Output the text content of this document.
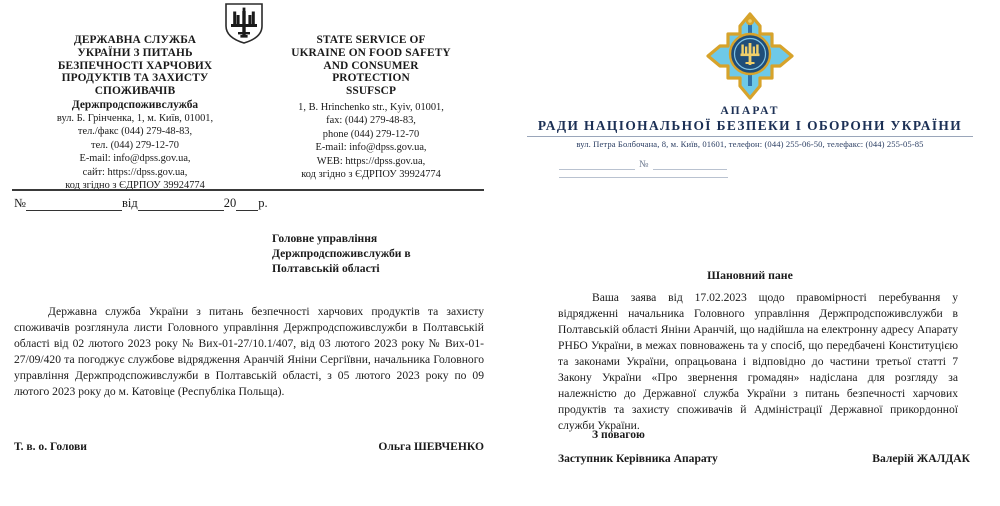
ДЕРЖАВНА СЛУЖБА
УКРАЇНИ З ПИТАНЬ
БЕЗПЕЧНОСТІ ХАРЧОВИХ
ПРОДУКТІВ ТА ЗАХИСТУ
СПОЖИВАЧІВ
Держпродспоживслужба
вул. Б. Грінченка, 1, м. Київ, 01001,
тел./факс (044) 279-48-83,
тел. (044) 279-12-70
E-mail: info@dpss.gov.ua,
сайт: https://dpss.gov.ua,
код згідно з ЄДРПОУ 39924774
STATE SERVICE OF
UKRAINE ON FOOD SAFETY
AND CONSUMER
PROTECTION
SSUFSCP
1, B. Hrinchenko str., Kyiv, 01001,
fax: (044) 279-48-83,
phone (044) 279-12-70
E-mail: info@dpss.gov.ua,
WEB: https://dpss.gov.ua,
код згідно з ЄДРПОУ 39924774
№	від	20 р.
Головне управління
Держпродспоживслужби в
Полтавській області
Державна служба України з питань безпечності харчових продуктів та захисту споживачів розглянула листи Головного управління Держпродспоживслужби в Полтавській області від 02 лютого 2023 року № Вих-01-27/10.1/407, від 03 лютого 2023 року № Вих-01-27/09/420 та погоджує службове відрядження Аранчій Яніни Сергіївни, начальника Головного управління Держпродспоживслужби в Полтавській області, з 05 лютого 2023 року по 09 лютого 2023 року до м. Катовіце (Республіка Польща).
Т. в. о. Голови	Ольга ШЕВЧЕНКО
АПАРАТ
РАДИ НАЦІОНАЛЬНОЇ БЕЗПЕКИ І ОБОРОНИ УКРАЇНИ
вул. Петра Болбочана, 8, м. Київ, 01601, телефон: (044) 255-06-50, телефакс: (044) 255-05-85
№
Шановний пане
Ваша заява від 17.02.2023 щодо правомірності перебування у відрядженні начальника Головного управління Держпродспоживслужби в Полтавській області Яніни Аранчій, що надійшла на електронну адресу Апарату РНБО України, в межах повноважень та у спосіб, що передбачені Конституцією та законами України, опрацьована і відповідно до частини третьої статті 7 Закону України «Про звернення громадян» надіслана для розгляду за належністю до Державної служба України з питань безпечності харчових продуктів та захисту споживачів й Адміністрації Державної прикордонної служби України.
З повагою
Заступник Керівника Апарату	Валерій ЖАЛДАК
